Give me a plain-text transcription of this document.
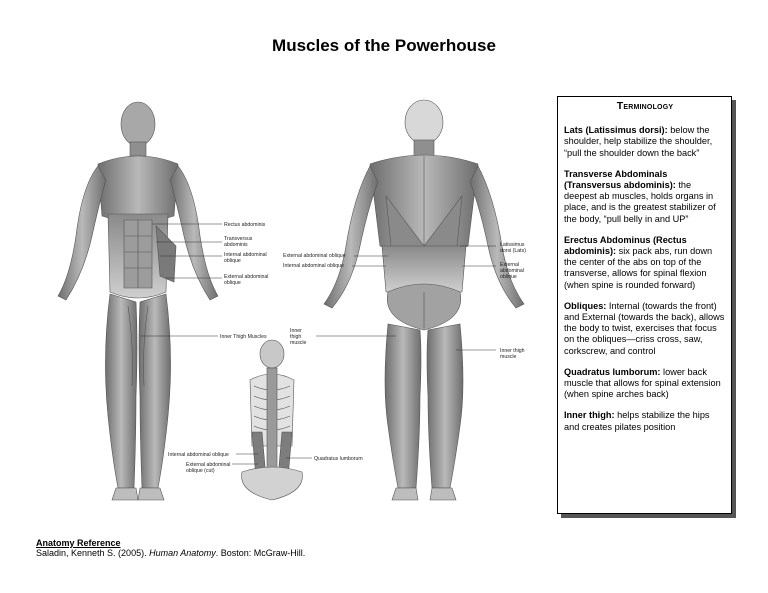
Muscles of the Powerhouse
Rectus abdominis
Transversus abdominis
Internal abdominal oblique
External abdominal oblique
Inner Thigh Muscles
External abdominal oblique
Internal abdominal oblique
Latissimus dorsi (Lats)
External abdominal oblique
Inner thigh muscle
Inner thigh muscle
Internal abdominal oblique
External abdominal oblique (cut)
Quadratus lumborum
Terminology
Lats (Latissimus dorsi): below the shoulder, help stabilize the shoulder, “pull the shoulder down the back”
Transverse Abdominals (Transversus abdominis): the deepest ab muscles, holds organs in place, and is the greatest stabilizer of the body, “pull belly in and UP”
Erectus Abdominus (Rectus abdominis): six pack abs, run down the center of the abs on top of the transverse, allows for spinal flexion (when spine is rounded forward)
Obliques: Internal (towards the front) and External (towards the back), allows the body to twist, exercises that focus on the obliques—criss cross, saw, corkscrew, and control
Quadratus lumborum: lower back muscle that allows for spinal extension (when spine arches back)
Inner thigh: helps stabilize the hips and creates pilates position
Anatomy Reference
Saladin, Kenneth S. (2005). Human Anatomy. Boston: McGraw-Hill.
